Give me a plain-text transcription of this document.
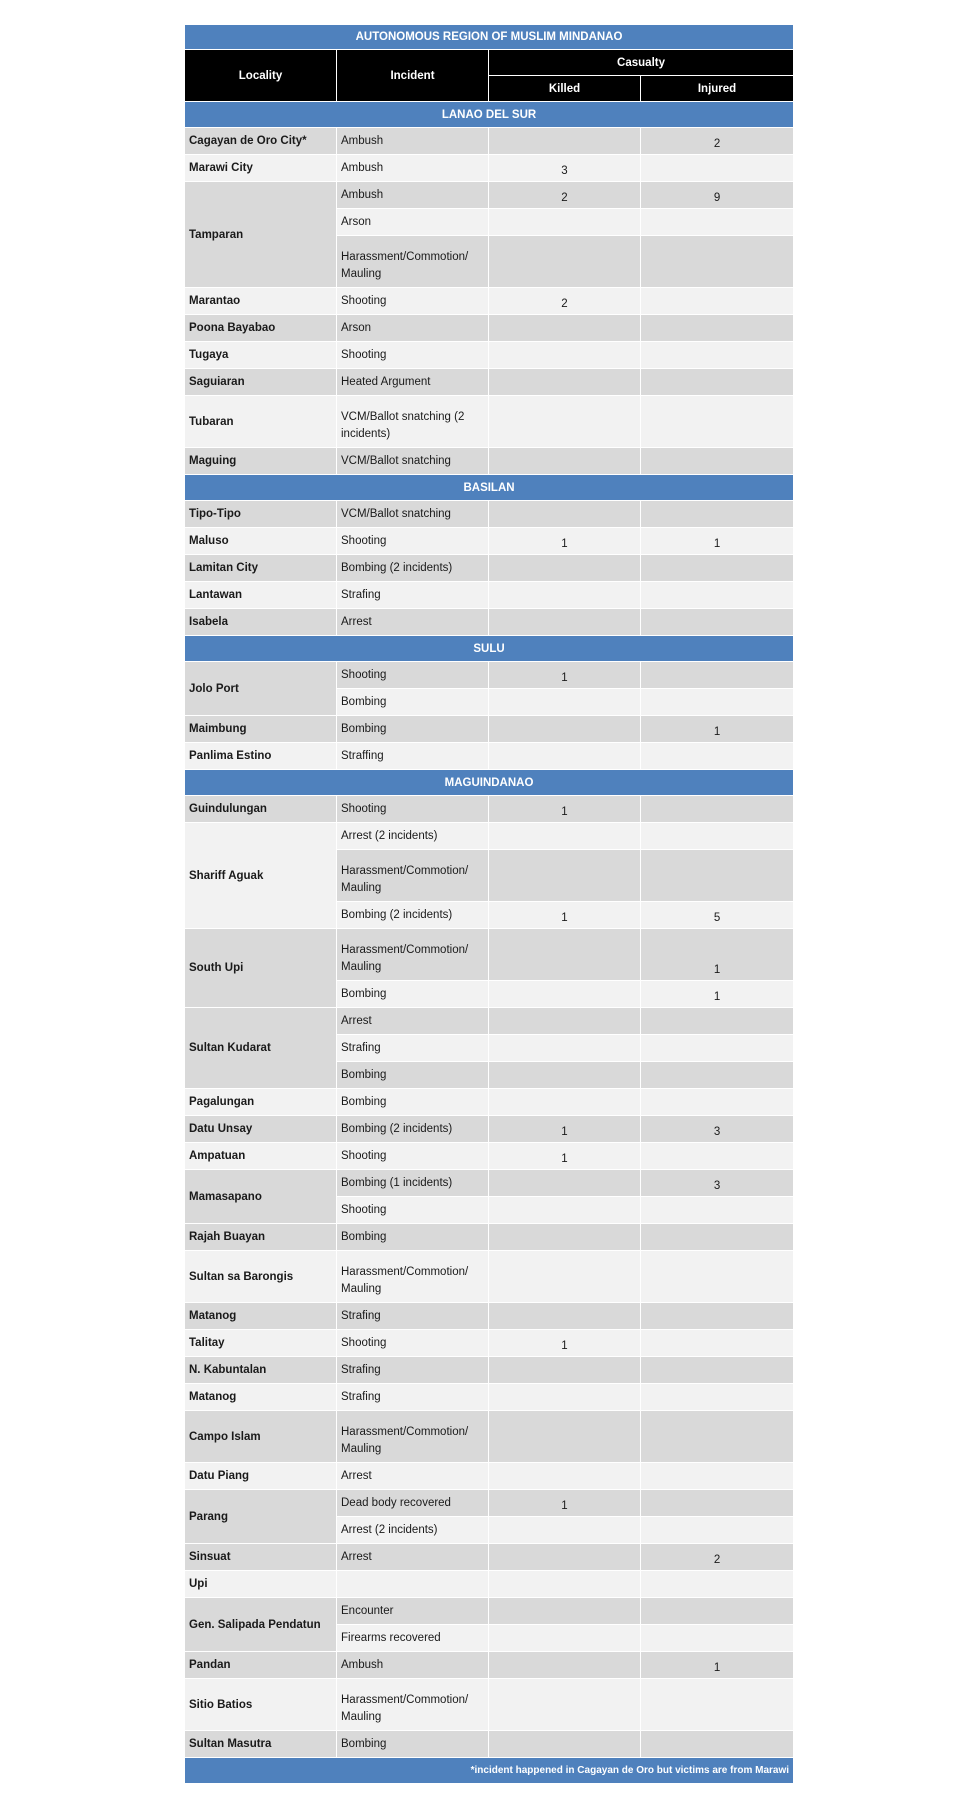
AUTONOMOUS REGION OF MUSLIM MINDANAO			
Locality	Incident	Casualty	
		Killed	Injured
LANAO DEL SUR			
Cagayan de Oro City*	Ambush		2
Marawi City	Ambush	3	
Tamparan	Ambush	2	9
	Arson		
	Harassment/Commotion/ Mauling		
Marantao	Shooting	2	
Poona Bayabao	Arson		
Tugaya	Shooting		
Saguiaran	Heated Argument		
Tubaran	VCM/Ballot snatching (2 incidents)		
Maguing	VCM/Ballot snatching		
BASILAN			
Tipo-Tipo	VCM/Ballot snatching		
Maluso	Shooting	1	1
Lamitan City	Bombing (2 incidents)		
Lantawan	Strafing		
Isabela	Arrest		
SULU			
Jolo Port	Shooting	1	
	Bombing		
Maimbung	Bombing		1
Panlima Estino	Straffing		
MAGUINDANAO			
Guindulungan	Shooting	1	
Shariff Aguak	Arrest (2 incidents)		
	Harassment/Commotion/ Mauling		
	Bombing (2 incidents)	1	5
South Upi	Harassment/Commotion/ Mauling		1
	Bombing		1
Sultan Kudarat	Arrest		
	Strafing		
	Bombing		
Pagalungan	Bombing		
Datu Unsay	Bombing (2 incidents)	1	3
Ampatuan	Shooting	1	
Mamasapano	Bombing (1 incidents)		3
	Shooting		
Rajah Buayan	Bombing		
Sultan sa Barongis	Harassment/Commotion/ Mauling		
Matanog	Strafing		
Talitay	Shooting	1	
N. Kabuntalan	Strafing		
Matanog	Strafing		
Campo Islam	Harassment/Commotion/ Mauling		
Datu Piang	Arrest		
Parang	Dead body recovered	1	
	Arrest (2 incidents)		
Sinsuat	Arrest		2
Upi			
Gen. Salipada Pendatun	Encounter		
	Firearms recovered		
Pandan	Ambush		1
Sitio Batios	Harassment/Commotion/ Mauling		
Sultan Masutra	Bombing		
*incident happened in Cagayan de Oro but victims are from Marawi			
